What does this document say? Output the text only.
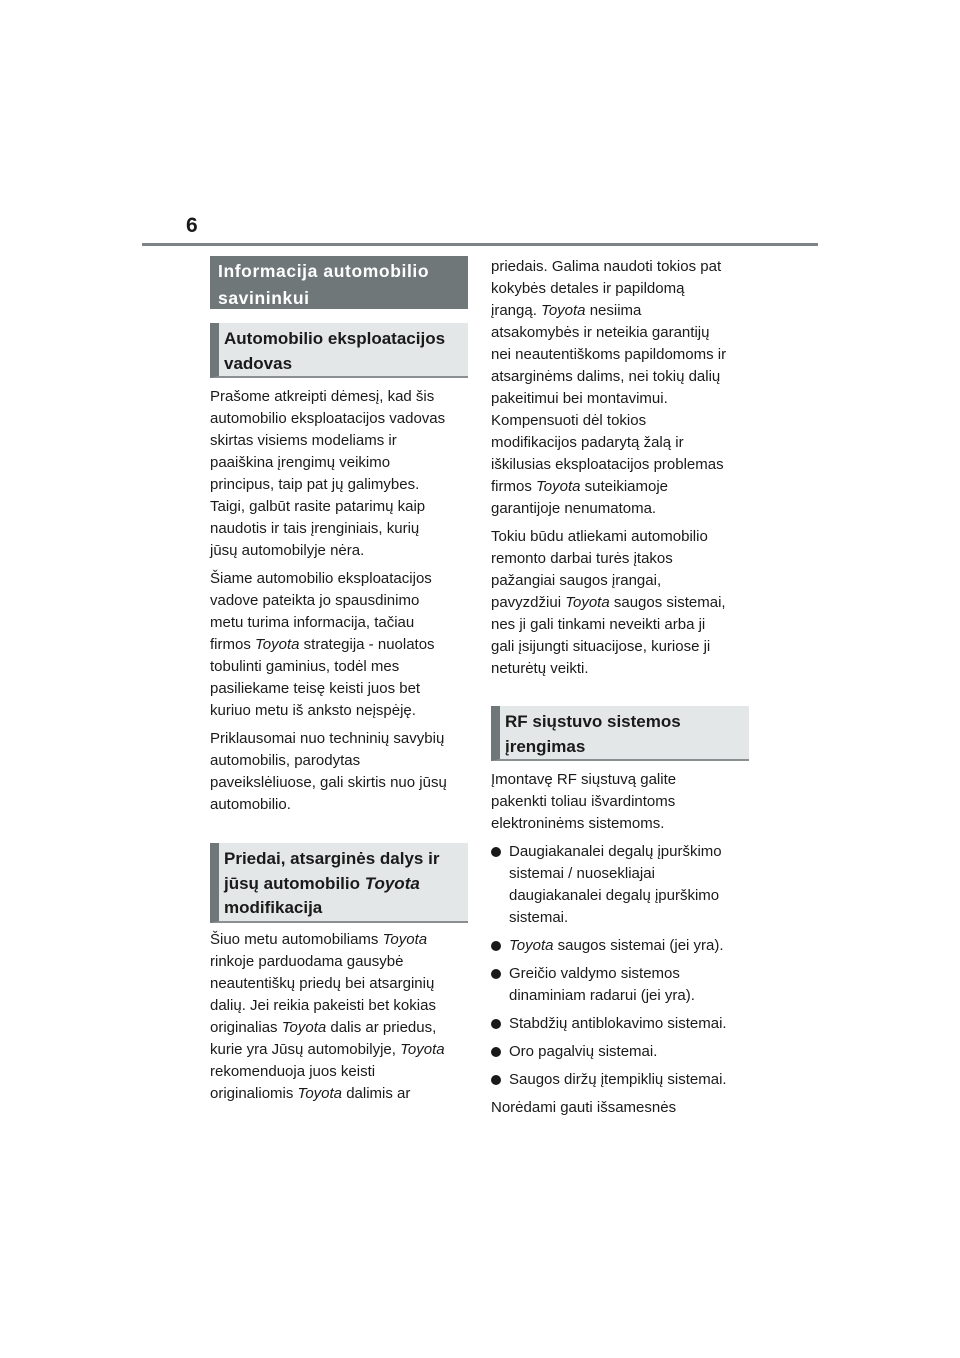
6
Informacija automobilio
savininkui
Automobilio eksploatacijos
vadovas

Prašome atkreipti dėmesį, kad šis
automobilio eksploatacijos vadovas
skirtas visiems modeliams ir
paaiškina įrengimų veikimo
principus, taip pat jų galimybes.
Taigi, galbūt rasite patarimų kaip
naudotis ir tais įrenginiais, kurių
jūsų automobilyje nėra.

Šiame automobilio eksploatacijos
vadove pateikta jo spausdinimo
metu turima informacija, tačiau
firmos Toyota strategija - nuolatos
tobulinti gaminius, todėl mes
pasiliekame teisę keisti juos bet
kuriuo metu iš anksto neįspėję.

Priklausomai nuo techninių savybių
automobilis, parodytas
paveikslėliuose, gali skirtis nuo jūsų
automobilio.

Priedai, atsarginės dalys ir
jūsų automobilio Toyota
modifikacija

Šiuo metu automobiliams Toyota
rinkoje parduodama gausybė
neautentiškų priedų bei atsarginių
dalių. Jei reikia pakeisti bet kokias
originalias Toyota dalis ar priedus,
kurie yra Jūsų automobilyje, Toyota
rekomenduoja juos keisti
originaliomis Toyota dalimis ar

priedais. Galima naudoti tokios pat
kokybės detales ir papildomą
įrangą. Toyota nesiima
atsakomybės ir neteikia garantijų
nei neautentiškoms papildomoms ir
atsarginėms dalims, nei tokių dalių
pakeitimui bei montavimui.
Kompensuoti dėl tokios
modifikacijos padarytą žalą ir
iškilusias eksploatacijos problemas
firmos Toyota suteikiamoje
garantijoje nenumatoma.

Tokiu būdu atliekami automobilio
remonto darbai turės įtakos
pažangiai saugos įrangai,
pavyzdžiui Toyota saugos sistemai,
nes ji gali tinkami neveikti arba ji
gali įsijungti situacijose, kuriose ji
neturėtų veikti.

RF siųstuvo sistemos
įrengimas

Įmontavę RF siųstuvą galite
pakenkti toliau išvardintoms
elektroninėms sistemoms.

Daugiakanalei degalų įpurškimo
sistemai / nuosekliajai
daugiakanalei degalų įpurškimo
sistemai.
Toyota saugos sistemai (jei yra).
Greičio valdymo sistemos
dinaminiam radarui (jei yra).
Stabdžių antiblokavimo sistemai.
Oro pagalvių sistemai.
Saugos diržų įtempiklių sistemai.

Norėdami gauti išsamesnės
